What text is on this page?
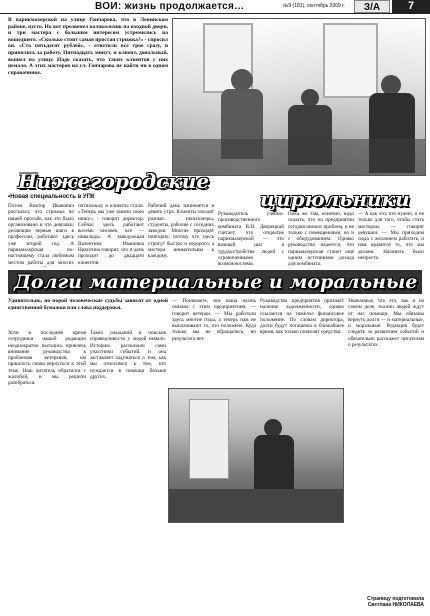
ВОИ: жизнь продолжается…	№9 (181), сентябрь 2009 г.	З/А	7
В парикмахерской на улице Гончарова, что в Ленинском районе, пусто. Но вот прозвенел колокольчик на входной двери, и три мастера с большим интересом устремились на вошедшего. «Сколько стоит самая простая стрижка?» - спросил он. «Сто пятьдесят рублей», - ответили все трое сразу, и принялись за работу. Пятнадцать минут, и клиент, довольный, вышел на улицу. Надо сказать, что таких клиентов у них немало. А этих мастеров на ул. Гончарова не найти ни в одном справочнике.
Нижегородские
цирюльники
•Новая специальность в УПК
Потом Виктор Иванович рассказал, что стрижка по нашей просьбе, как это было организовано и что девушки, делающие первые шаги в профессии, работают здесь уже второй год. А парикмахерская по-настоящему стала любимым местом работы для многих
потихоньку и клиенты стали. «Теперь мы уже заняли свою нишу», - говорит директор. Сейчас здесь работают восемь человек, все — инвалиды. А заведующая Валентина Ивановна Никитина говорит, что в день проходит до двадцати клиентов.
Рабочий день начинается в девять утра. Клиенты заходят разные: пенсионеры, студенты, рабочие с соседних заводов. Многие приходят повторно, потому что здесь стригут быстро и недорого, а мастера внимательны к каждому.
Руководитель учебно-производственного комбината В.И. Дворецкий считает, что открытие парикмахерской — это важный шаг в трудоустройстве людей с ограниченными возможностями.
Пока же там, конечно, надо сказать, что на предприятии сегодня немало проблем, и не только с помещениями, но и с оборудованием. Однако руководство надеется, что парикмахерская станет ещё одним источником дохода для комбината.
— А как это, что нужно, и не только для того, чтобы стать мастером, — говорят девушки. — Мы приходим сюда с желанием работать, и нам нравится то, что мы делаем. Начинать было непросто.
Долги материальные и моральные
Удивительно, но порой человеческие судьбы зависят от одной единственной бумажки или слова поддержки.
Хотя в последнее время сотрудники нашей редакции неоднократно пытались привлечь внимание руководства к проблемам ветеранов, им пришлось снова вернуться к этой теме. Наш читатель обратился с жалобой, и мы решили разобраться.
Таких ожиданий и поисков справедливости у людей немало. Историю рассказали сами участники событий, и она заставляет задуматься о том, как мы относимся к тем, кто нуждается в помощи больше других.
— Понимаете, вся наша жизнь связана с этим предприятием, — говорит ветеран. — Мы работали здесь многие годы, а теперь нам не выплачивают то, что положено. Куда только мы не обращались, но результата нет.
Руководство предприятия признаёт наличие задолженности, однако ссылается на тяжёлое финансовое положение. По словам директора, долги будут погашены в ближайшее время, как только позволят средства.
Уважаемые, что это, как и на самом деле, тысячи людей ждут от нас помощи. Мы обязаны вернуть долги — и материальные, и моральные. Редакция будет следить за развитием событий и обязательно расскажет читателям о результатах.
Страницу подготовила
Светлана НИКОЛАЕВА
